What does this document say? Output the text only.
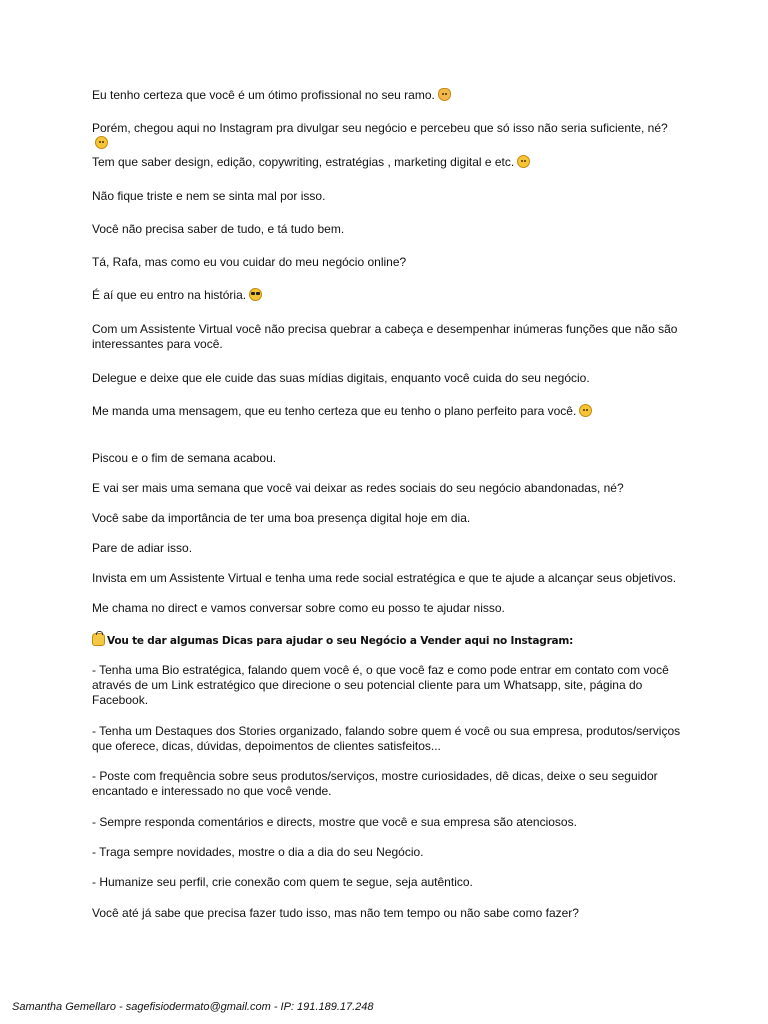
Eu tenho certeza que você é um ótimo profissional no seu ramo.

Porém, chegou aqui no Instagram pra divulgar seu negócio e percebeu que só isso não seria suficiente, né?

Tem que saber design, edição, copywriting, estratégias , marketing digital e etc.

Não fique triste e nem se sinta mal por isso.

Você não precisa saber de tudo, e tá tudo bem.

Tá, Rafa, mas como eu vou cuidar do meu negócio online?

É aí que eu entro na história.

Com um Assistente Virtual você não precisa quebrar a cabeça e desempenhar inúmeras funções que não são interessantes para você.

Delegue e deixe que ele cuide das suas mídias digitais, enquanto você cuida do seu negócio.

Me manda uma mensagem, que eu tenho certeza que eu tenho o plano perfeito para você.

Piscou e o fim de semana acabou.

E vai ser mais uma semana que você vai deixar as redes sociais do seu negócio abandonadas, né?

Você sabe da importância de ter uma boa presença digital hoje em dia.

Pare de adiar isso.

Invista em um Assistente Virtual e tenha uma rede social estratégica e que te ajude a alcançar seus objetivos.

Me chama no direct e vamos conversar sobre como eu posso te ajudar nisso.

Vou te dar algumas Dicas para ajudar o seu Negócio a Vender aqui no Instagram:

- Tenha uma Bio estratégica, falando quem você é, o que você faz e como pode entrar em contato com você através de um Link estratégico que direcione o seu potencial cliente para um Whatsapp, site, página do Facebook.

- Tenha um Destaques dos Stories organizado, falando sobre quem é você ou sua empresa, produtos/serviços que oferece, dicas, dúvidas, depoimentos de clientes satisfeitos...

- Poste com frequência sobre seus produtos/serviços, mostre curiosidades, dê dicas, deixe o seu seguidor encantado e interessado no que você vende.

- Sempre responda comentários e directs, mostre que você e sua empresa são atenciosos.

- Traga sempre novidades, mostre o dia a dia do seu Negócio.

- Humanize seu perfil, crie conexão com quem te segue, seja autêntico.

Você até já sabe que precisa fazer tudo isso, mas não tem tempo ou não sabe como fazer?

Samantha Gemellaro - sagefisiodermato@gmail.com - IP: 191.189.17.248
